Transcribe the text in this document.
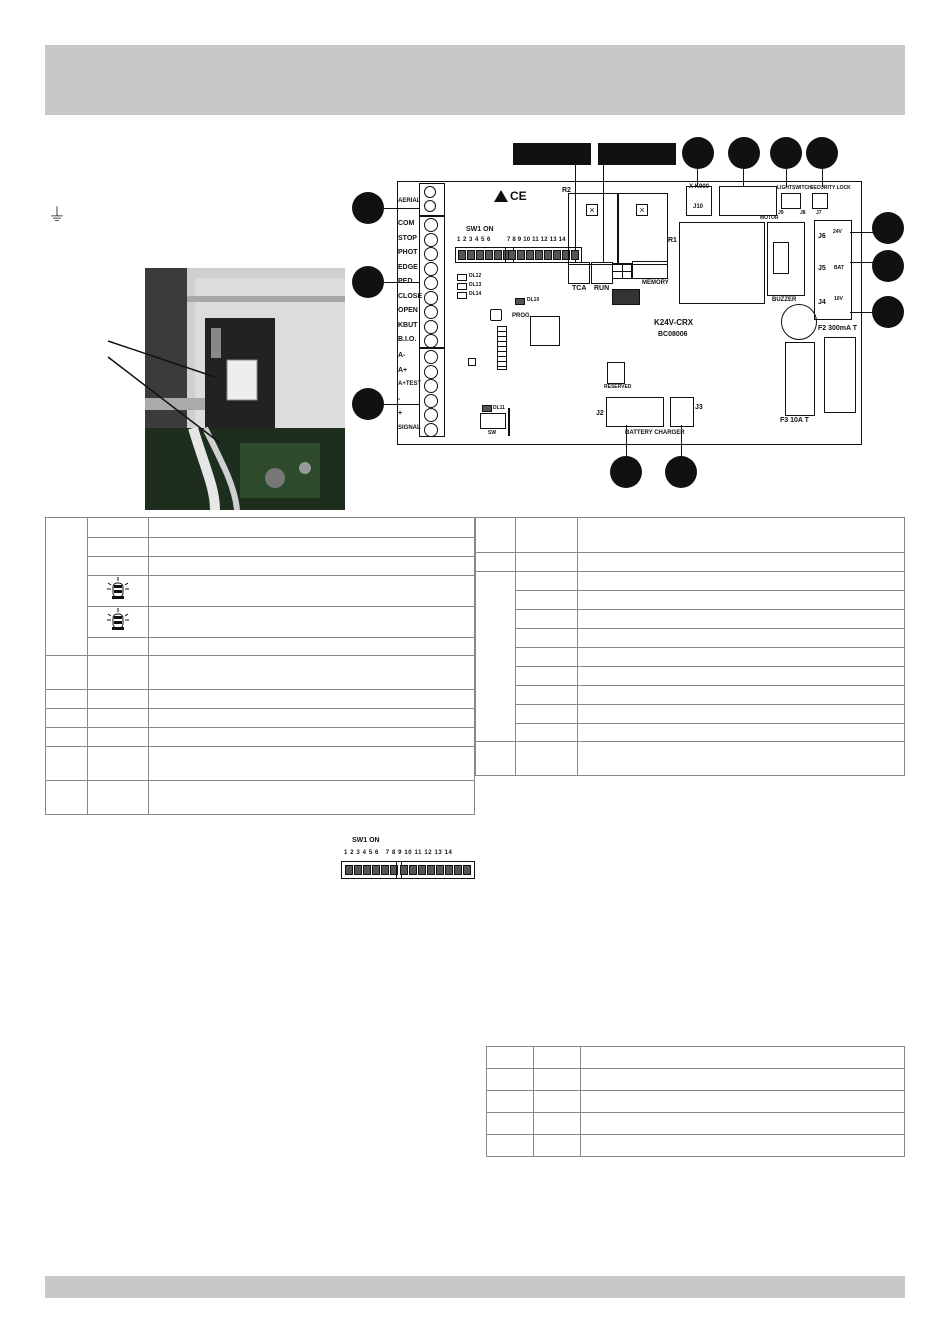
⏚
AERIAL
COM
STOP
PHOT
EDGE
PED
CLOSE
OPEN
KBUT
B.I.O.
A-
A+
A+TEST
-
+
SIGNAL
CE
SW1 ON
1 2 3 4 5 6	7 8 9 10 11 12 13 14
DL12
DL13
DL14
DL10
PROG
DL11
SW
R2
R1
×	×
TCA RUN
MEMORY
X K900
J10
MOTOR
LIGHTSWITCH
SECURITY LOCK
J9	J8 J7
J6
24V
J5 BAT
J4 10V
BUZZER
F2 300mA T
F3 10A T
K24V-CRX
BC08006
RESERVED
J2
J3
BATTERY CHARGER

SW1 ON
1 2 3 4 5 6   7 8 9 10 11 12 13 14
